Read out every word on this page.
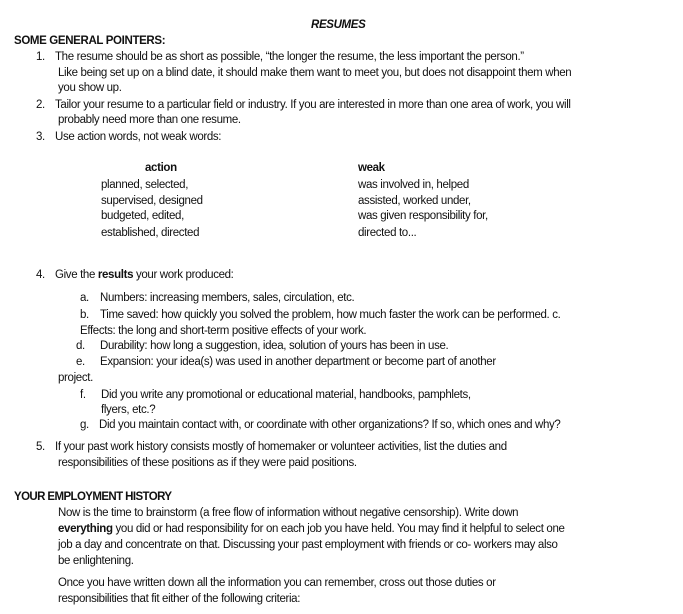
RESUMES
SOME GENERAL POINTERS:
1. The resume should be as short as possible, “the longer the resume, the less important the person.”
Like being set up on a blind date, it should make them want to meet you, but does not disappoint them when
you show up.
2. Tailor your resume to a particular field or industry. If you are interested in more than one area of work, you will
probably need more than one resume.
3. Use action words, not weak words:
action	weak
planned, selected,
supervised, designed
budgeted, edited,
established, directed
was involved in, helped
assisted, worked under,
was given responsibility for,
directed to...
4. Give the results your work produced:
a. Numbers: increasing members, sales, circulation, etc.
b. Time saved: how quickly you solved the problem, how much faster the work can be performed. c.
Effects: the long and short-term positive effects of your work.
d. Durability: how long a suggestion, idea, solution of yours has been in use.
e. Expansion: your idea(s) was used in another department or become part of another
project.
f. Did you write any promotional or educational material, handbooks, pamphlets,
flyers, etc.?
g. Did you maintain contact with, or coordinate with other organizations? If so, which ones and why?
5. If your past work history consists mostly of homemaker or volunteer activities, list the duties and
responsibilities of these positions as if they were paid positions.
YOUR EMPLOYMENT HISTORY
Now is the time to brainstorm (a free flow of information without negative censorship). Write down
everything you did or had responsibility for on each job you have held. You may find it helpful to select one
job a day and concentrate on that. Discussing your past employment with friends or co- workers may also
be enlightening.
Once you have written down all the information you can remember, cross out those duties or
responsibilities that fit either of the following criteria:
